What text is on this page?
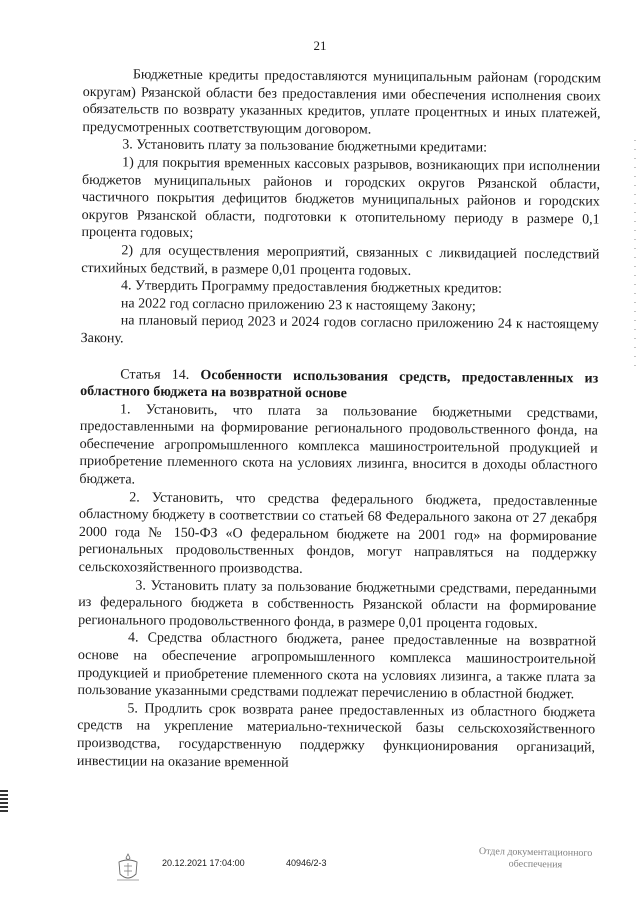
21

Бюджетные кредиты предоставляются муниципальным районам (городским округам) Рязанской области без предоставления ими обеспечения исполнения своих обязательств по возврату указанных кредитов, уплате процентных и иных платежей, предусмотренных соответствующим договором.

3. Установить плату за пользование бюджетными кредитами:

1) для покрытия временных кассовых разрывов, возникающих при исполнении бюджетов муниципальных районов и городских округов Рязанской области, частичного покрытия дефицитов бюджетов муниципальных районов и городских округов Рязанской области, подготовки к отопительному периоду в размере 0,1 процента годовых;

2) для осуществления мероприятий, связанных с ликвидацией последствий стихийных бедствий, в размере 0,01 процента годовых.

4. Утвердить Программу предоставления бюджетных кредитов:

на 2022 год согласно приложению 23 к настоящему Закону;

на плановый период 2023 и 2024 годов согласно приложению 24 к настоящему Закону.

Статья 14. Особенности использования средств, предоставленных из областного бюджета на возвратной основе

1. Установить, что плата за пользование бюджетными средствами, предоставленными на формирование регионального продовольственного фонда, на обеспечение агропромышленного комплекса машиностроительной продукцией и приобретение племенного скота на условиях лизинга, вносится в доходы областного бюджета.

2. Установить, что средства федерального бюджета, предоставленные областному бюджету в соответствии со статьей 68 Федерального закона от 27 декабря 2000 года № 150-ФЗ «О федеральном бюджете на 2001 год» на формирование региональных продовольственных фондов, могут направляться на поддержку сельскохозяйственного производства.

3. Установить плату за пользование бюджетными средствами, переданными из федерального бюджета в собственность Рязанской области на формирование регионального продовольственного фонда, в размере 0,01 процента годовых.

4. Средства областного бюджета, ранее предоставленные на возвратной основе на обеспечение агропромышленного комплекса машиностроительной продукцией и приобретение племенного скота на условиях лизинга, а также плата за пользование указанными средствами подлежат перечислению в областной бюджет.

5. Продлить срок возврата ранее предоставленных из областного бюджета средств на укрепление материально-технической базы сельскохозяйственного производства, государственную поддержку функционирования организаций, инвестиции на оказание временной

20.12.2021 17:04:00	40946/2-3
Отдел документационного
обеспечения
